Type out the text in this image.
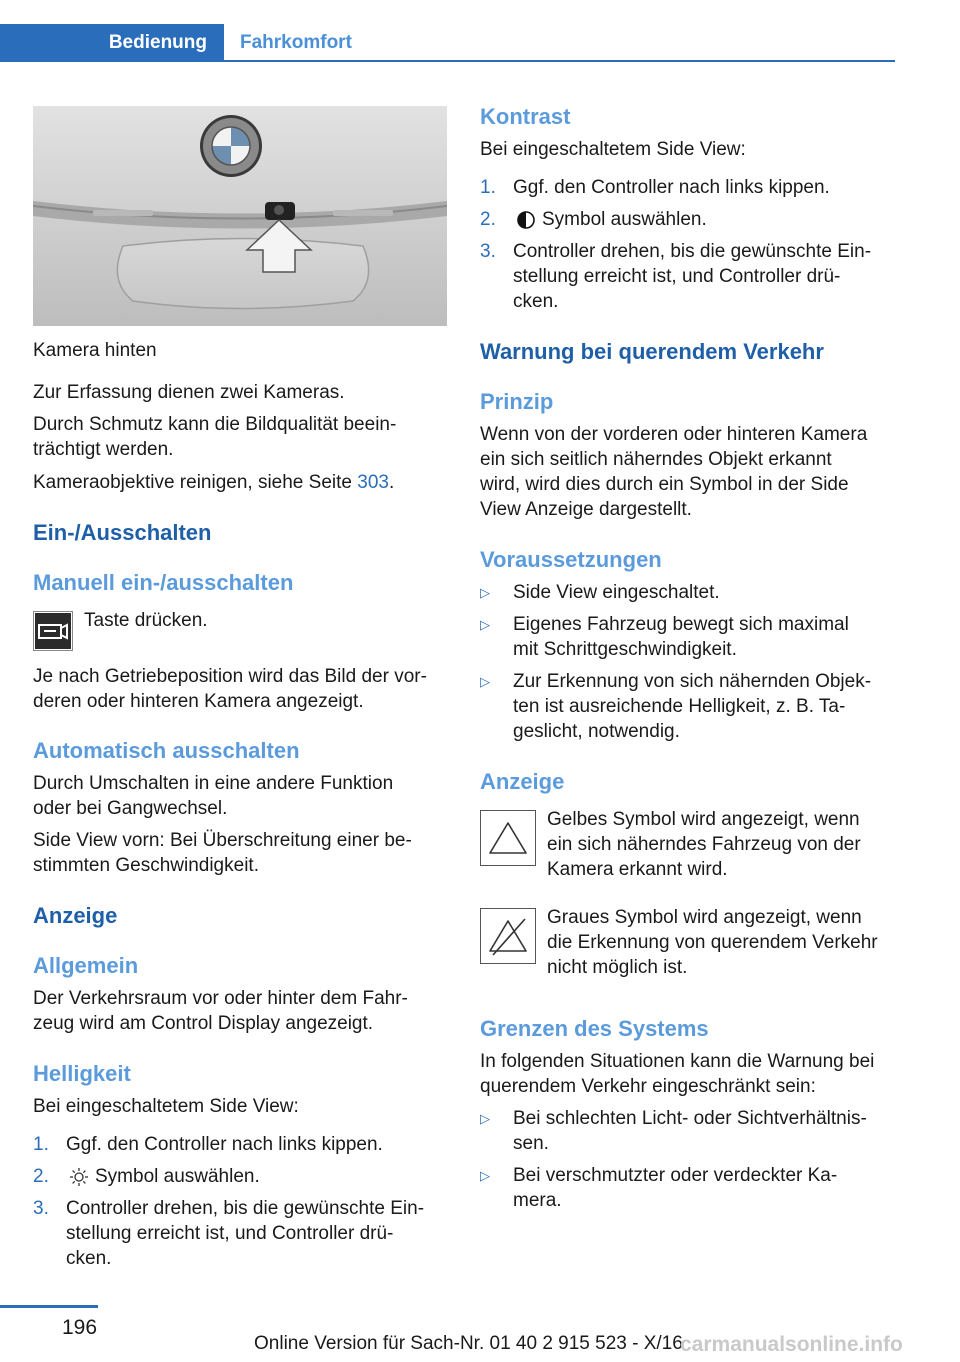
Bedienung	Fahrkomfort

Kamera hinten

Zur Erfassung dienen zwei Kameras.

Durch Schmutz kann die Bildqualität beein‐

trächtigt werden.

Kameraobjektive reinigen, siehe Seite 303.

Ein-/Ausschalten
Manuell ein-/ausschalten

Taste drücken.

Je nach Getriebeposition wird das Bild der vor‐

deren oder hinteren Kamera angezeigt.

Automatisch ausschalten

Durch Umschalten in eine andere Funktion

oder bei Gangwechsel.

Side View vorn: Bei Überschreitung einer be‐

stimmten Geschwindigkeit.

Anzeige
Allgemein

Der Verkehrsraum vor oder hinter dem Fahr‐

zeug wird am Control Display angezeigt.

Helligkeit

Bei eingeschaltetem Side View:

1. Ggf. den Controller nach links kippen.
2. Symbol auswählen.
3. Controller drehen, bis die gewünschte Ein‐
stellung erreicht ist, und Controller drü‐
cken.
Kontrast

Bei eingeschaltetem Side View:

1. Ggf. den Controller nach links kippen.
2. Symbol auswählen.
3. Controller drehen, bis die gewünschte Ein‐
stellung erreicht ist, und Controller drü‐
cken.
Warnung bei querendem Verkehr
Prinzip

Wenn von der vorderen oder hinteren Kamera

ein sich seitlich näherndes Objekt erkannt

wird, wird dies durch ein Symbol in der Side

View Anzeige dargestellt.

Voraussetzungen
▷ Side View eingeschaltet.
▷ Eigenes Fahrzeug bewegt sich maximal
mit Schrittgeschwindigkeit.
▷ Zur Erkennung von sich nähernden Objek‐
ten ist ausreichende Helligkeit, z. B. Ta‐
geslicht, notwendig.
Anzeige

Gelbes Symbol wird angezeigt, wenn

ein sich näherndes Fahrzeug von der

Kamera erkannt wird.

Graues Symbol wird angezeigt, wenn

die Erkennung von querendem Verkehr

nicht möglich ist.

Grenzen des Systems

In folgenden Situationen kann die Warnung bei

querendem Verkehr eingeschränkt sein:

▷ Bei schlechten Licht- oder Sichtverhältnis‐
sen.
▷ Bei verschmutzter oder verdeckter Ka‐
mera.
196
Online Version für Sach-Nr. 01 40 2 915 523 - X/16
carmanualsonline.info
